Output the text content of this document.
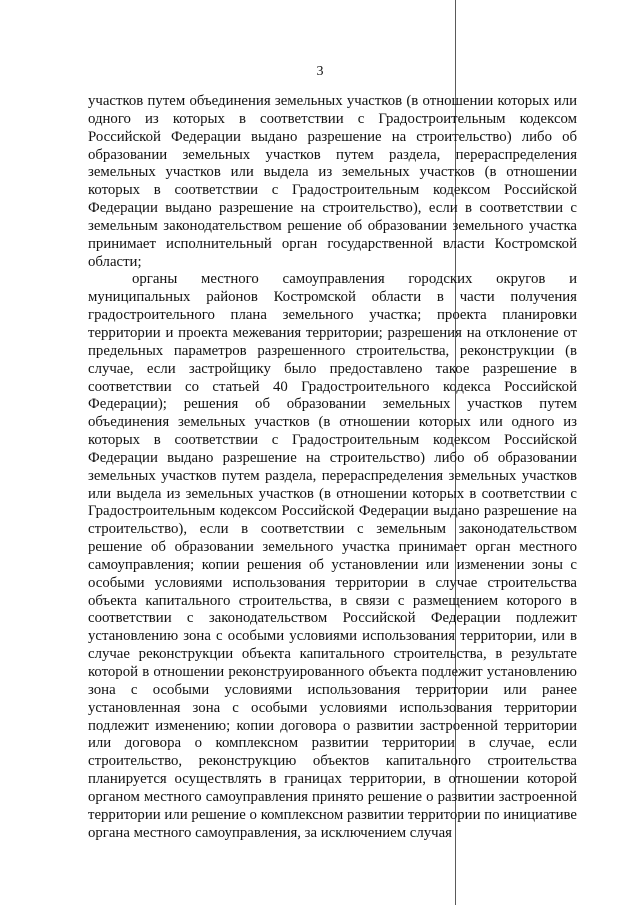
3

участков путем объединения земельных участков (в отношении которых или одного из которых в соответствии с Градостроительным кодексом Российской Федерации выдано разрешение на строительство) либо об образовании земельных участков путем раздела, перераспределения земельных участков или выдела из земельных участков (в отношении которых в соответствии с Градостроительным кодексом Российской Федерации выдано разрешение на строительство), если в соответствии с земельным законодательством решение об образовании земельного участка принимает исполнительный орган государственной власти Костромской области;

органы местного самоуправления городских округов и муниципальных районов Костромской области в части получения градостроительного плана земельного участка; проекта планировки территории и проекта межевания территории; разрешения на отклонение от предельных параметров разрешенного строительства, реконструкции (в случае, если застройщику было предоставлено такое разрешение в соответствии со статьей 40 Градостроительного кодекса Российской Федерации); решения об образовании земельных участков путем объединения земельных участков (в отношении которых или одного из которых в соответствии с Градостроительным кодексом Российской Федерации выдано разрешение на строительство) либо об образовании земельных участков путем раздела, перераспределения земельных участков или выдела из земельных участков (в отношении которых в соответствии с Градостроительным кодексом Российской Федерации выдано разрешение на строительство), если в соответствии с земельным законодательством решение об образовании земельного участка принимает орган местного самоуправления; копии решения об установлении или изменении зоны с особыми условиями использования территории в случае строительства объекта капитального строительства, в связи с размещением которого в соответствии с законодательством Российской Федерации подлежит установлению зона с особыми условиями использования территории, или в случае реконструкции объекта капитального строительства, в результате которой в отношении реконструированного объекта подлежит установлению зона с особыми условиями использования территории или ранее установленная зона с особыми условиями использования территории подлежит изменению; копии договора о развитии застроенной территории или договора о комплексном развитии территории в случае, если строительство, реконструкцию объектов капитального строительства планируется осуществлять в границах территории, в отношении которой органом местного самоуправления принято решение о развитии застроенной территории или решение о комплексном развитии территории по инициативе органа местного самоуправления, за исключением случая
